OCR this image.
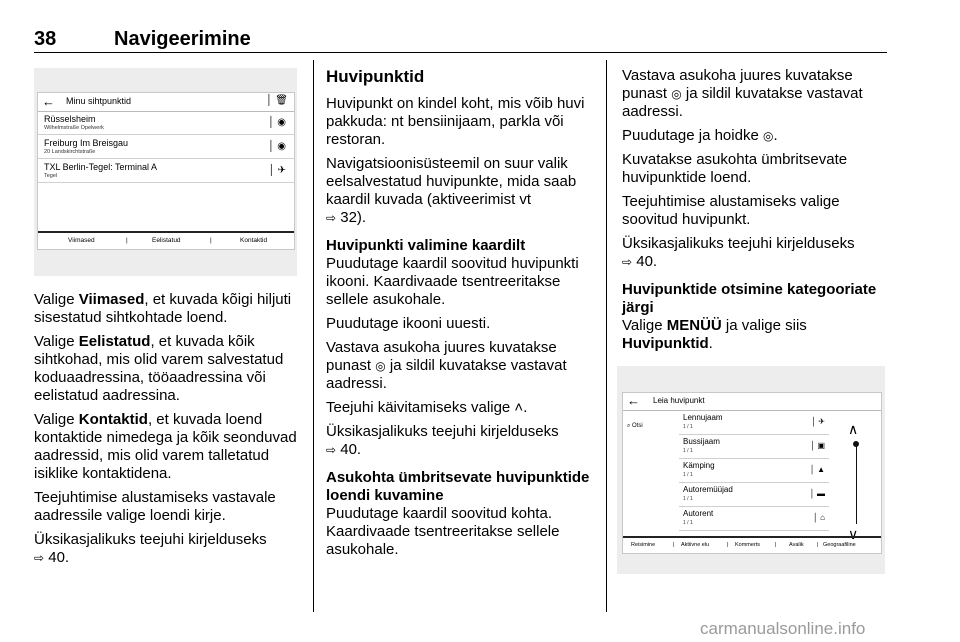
38	Navigeerimine
← Minu sihtpunktid	│ 🗑︎
Rüsselsheim
Wilhelmstraße Opelwerk	│ ◉
Freiburg Im Breisgau
20 Landskirchtstraße	│ ◉
TXL Berlin-Tegel: Terminal A
Tegel	│ ✈︎
Viimased	|	Eelistatud	|	Kontaktid

Valige Viimased, et kuvada kõigi hiljuti sisestatud sihtkohtade loend.

Valige Eelistatud, et kuvada kõik sihtkohad, mis olid varem salvestatud koduaadressina, tööaadressina või eelistatud aadressina.

Valige Kontaktid, et kuvada loend kontaktide nimedega ja kõik seonduvad aadressid, mis olid varem talletatud isiklike kontaktidena.

Teejuhtimise alustamiseks vastavale aadressile valige loendi kirje.

Üksikasjalikuks teejuhi kirjelduseks
⇨ 40.

Huvipunktid

Huvipunkt on kindel koht, mis võib huvi pakkuda: nt bensiinijaam, parkla või restoran.

Navigatsioonisüsteemil on suur valik eelsalvestatud huvipunkte, mida saab kaardil kuvada (aktiveerimist vt
⇨ 32).

Huvipunkti valimine kaardilt

Puudutage kaardil soovitud huvipunkti ikooni. Kaardivaade tsentreeritakse sellele asukohale.

Puudutage ikooni uuesti.

Vastava asukoha juures kuvatakse punast ◎ ja sildil kuvatakse vastavat aadressi.

Teejuhi käivitamiseks valige ˄.

Üksikasjalikuks teejuhi kirjelduseks
⇨ 40.

Asukohta ümbritsevate huvipunktide loendi kuvamine

Puudutage kaardil soovitud kohta. Kaardivaade tsentreeritakse sellele asukohale.

Vastava asukoha juures kuvatakse punast ◎ ja sildil kuvatakse vastavat aadressi.

Puudutage ja hoidke ◎.

Kuvatakse asukohta ümbritsevate huvipunktide loend.

Teejuhtimise alustamiseks valige soovitud huvipunkt.

Üksikasjalikuks teejuhi kirjelduseks
⇨ 40.

Huvipunktide otsimine kategooriate järgi

Valige MENÜÜ ja valige siis
Huvipunktid.

← Leia huvipunkt
⌕ Otsi
Lennujaam
1 / 1
│ ✈︎
Bussijaam
1 / 1
│ ▣
Kämping
1 / 1
│ ▲
Autoremüüjad
1 / 1
│ ▬
Autorent
1 / 1
│ ⌂
∧
∨
Reisimine	| Aktiivne elu	| Kommerts	| Avalik | Geograafiline
carmanualsonline.info
